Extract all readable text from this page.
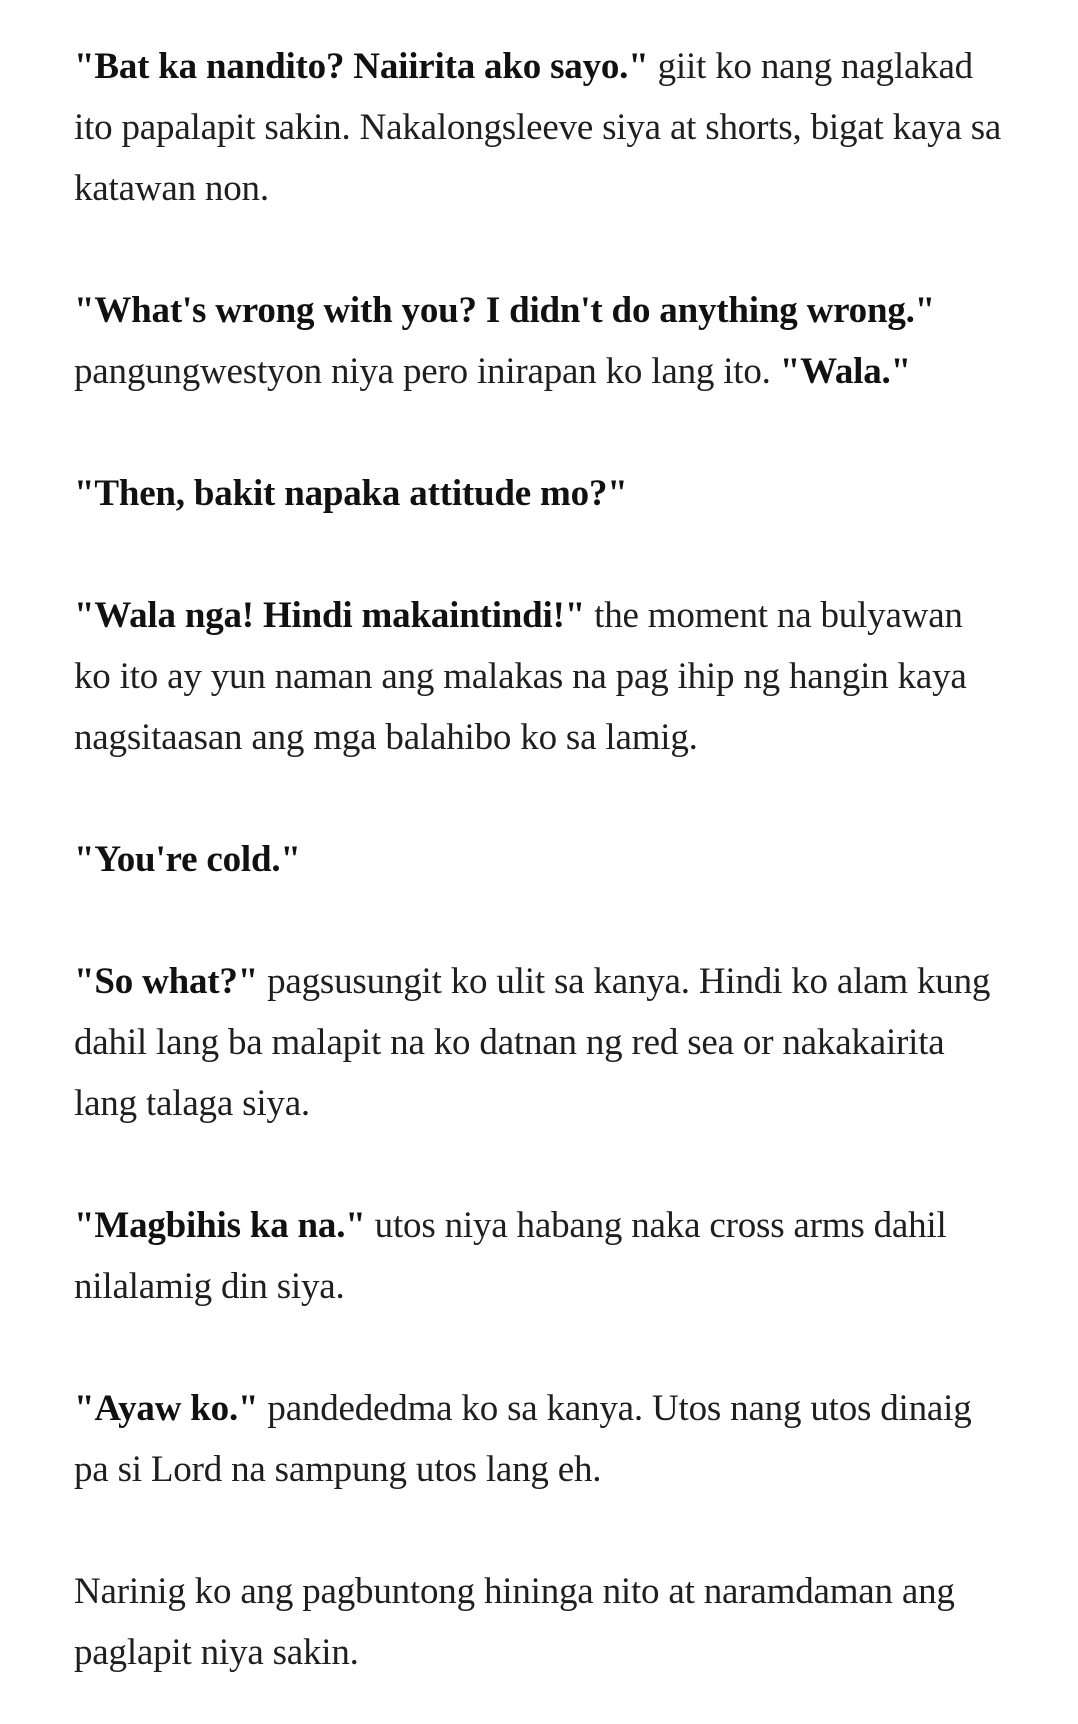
"Bat ka nandito? Naiirita ako sayo." giit ko nang naglakad ito papalapit sakin. Nakalongsleeve siya at shorts, bigat kaya sa katawan non.

"What's wrong with you? I didn't do anything wrong." pangungwestyon niya pero inirapan ko lang ito. "Wala."

"Then, bakit napaka attitude mo?"

"Wala nga! Hindi makaintindi!" the moment na bulyawan ko ito ay yun naman ang malakas na pag ihip ng hangin kaya nagsitaasan ang mga balahibo ko sa lamig.

"You're cold."

"So what?" pagsusungit ko ulit sa kanya. Hindi ko alam kung dahil lang ba malapit na ko datnan ng red sea or nakakairita lang talaga siya.

"Magbihis ka na." utos niya habang naka cross arms dahil nilalamig din siya.

"Ayaw ko." pandededma ko sa kanya. Utos nang utos dinaig pa si Lord na sampung utos lang eh.

Narinig ko ang pagbuntong hininga nito at naramdaman ang paglapit niya sakin.
